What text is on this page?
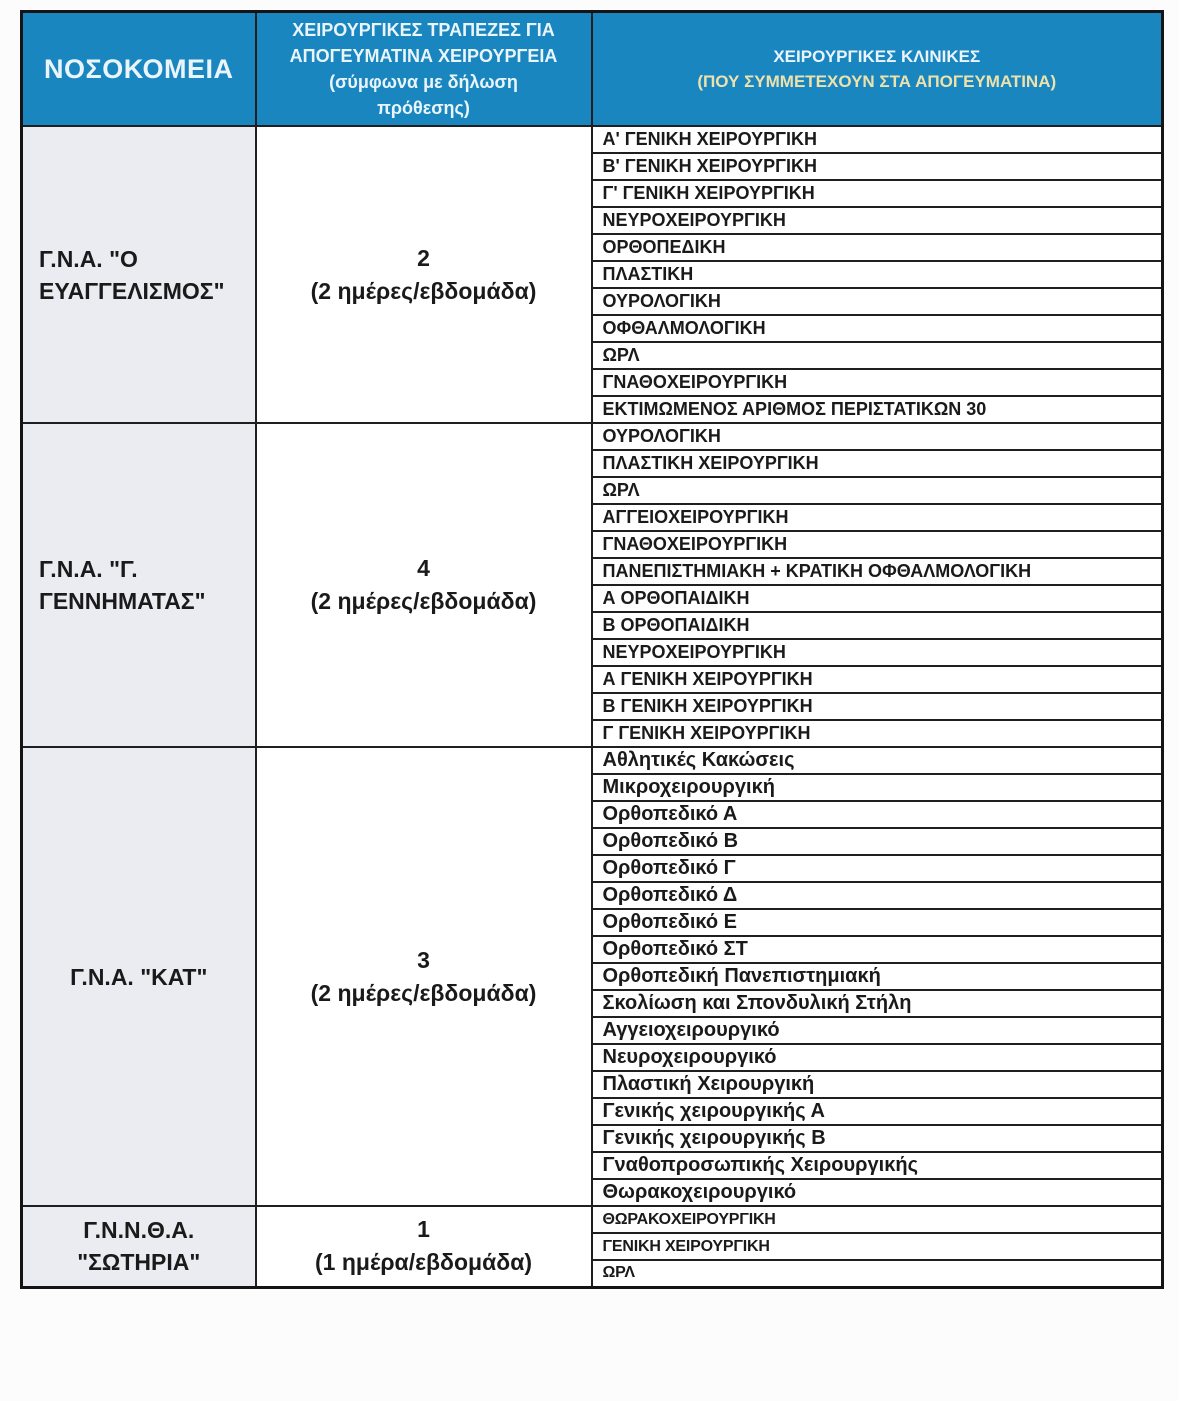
ΝΟΣΟΚΟΜΕΙΑ

ΧΕΙΡΟΥΡΓΙΚΕΣ ΤΡΑΠΕΖΕΣ ΓΙΑ
ΑΠΟΓΕΥΜΑΤΙΝΑ ΧΕΙΡΟΥΡΓΕΙΑ
(σύμφωνα με δήλωση
πρόθεσης)

ΧΕΙΡΟΥΡΓΙΚΕΣ ΚΛΙΝΙΚΕΣ
(ΠΟΥ ΣΥΜΜΕΤΕΧΟΥΝ ΣΤΑ ΑΠΟΓΕΥΜΑΤΙΝΑ)

Γ.Ν.Α. "Ο
ΕΥΑΓΓΕΛΙΣΜΟΣ"

2
(2 ημέρες/εβδομάδα)
	Α' ΓΕΝΙΚΗ ΧΕΙΡΟΥΡΓΙΚΗ
		Β' ΓΕΝΙΚΗ ΧΕΙΡΟΥΡΓΙΚΗ
		Γ' ΓΕΝΙΚΗ ΧΕΙΡΟΥΡΓΙΚΗ
		ΝΕΥΡΟΧΕΙΡΟΥΡΓΙΚΗ
		ΟΡΘΟΠΕΔΙΚΗ
		ΠΛΑΣΤΙΚΗ
		ΟΥΡΟΛΟΓΙΚΗ
		ΟΦΘΑΛΜΟΛΟΓΙΚΗ
		ΩΡΛ
		ΓΝΑΘΟΧΕΙΡΟΥΡΓΙΚΗ
		ΕΚΤΙΜΩΜΕΝΟΣ ΑΡΙΘΜΟΣ ΠΕΡΙΣΤΑΤΙΚΩΝ 30

Γ.Ν.Α. "Γ.
ΓΕΝΝΗΜΑΤΑΣ"

4
(2 ημέρες/εβδομάδα)
	ΟΥΡΟΛΟΓΙΚΗ
		ΠΛΑΣΤΙΚΗ ΧΕΙΡΟΥΡΓΙΚΗ
		ΩΡΛ
		ΑΓΓΕΙΟΧΕΙΡΟΥΡΓΙΚΗ
		ΓΝΑΘΟΧΕΙΡΟΥΡΓΙΚΗ
		ΠΑΝΕΠΙΣΤΗΜΙΑΚΗ + ΚΡΑΤΙΚΗ ΟΦΘΑΛΜΟΛΟΓΙΚΗ
		Α ΟΡΘΟΠΑΙΔΙΚΗ
		Β ΟΡΘΟΠΑΙΔΙΚΗ
		ΝΕΥΡΟΧΕΙΡΟΥΡΓΙΚΗ
		Α ΓΕΝΙΚΗ ΧΕΙΡΟΥΡΓΙΚΗ
		Β ΓΕΝΙΚΗ ΧΕΙΡΟΥΡΓΙΚΗ
		Γ ΓΕΝΙΚΗ ΧΕΙΡΟΥΡΓΙΚΗ

Γ.Ν.Α. "ΚΑΤ"	3
(2 ημέρες/εβδομάδα)	Αθλητικές Κακώσεις
		Μικροχειρουργική
		Ορθοπεδικό Α
		Ορθοπεδικό Β
		Ορθοπεδικό Γ
		Ορθοπεδικό Δ
		Ορθοπεδικό Ε
		Ορθοπεδικό ΣΤ
		Ορθοπεδική Πανεπιστημιακή
		Σκολίωση και Σπονδυλική Στήλη
		Αγγειοχειρουργικό
		Νευροχειρουργικό
		Πλαστική Χειρουργική
		Γενικής χειρουργικής Α
		Γενικής χειρουργικής Β
		Γναθοπροσωπικής Χειρουργικής
		Θωρακοχειρουργικό

Γ.Ν.Ν.Θ.Α.
"ΣΩΤΗΡΙΑ"

1
(1 ημέρα/εβδομάδα)
	ΘΩΡΑΚΟΧΕΙΡΟΥΡΓΙΚΗ
		ΓΕΝΙΚΗ ΧΕΙΡΟΥΡΓΙΚΗ
		ΩΡΛ
